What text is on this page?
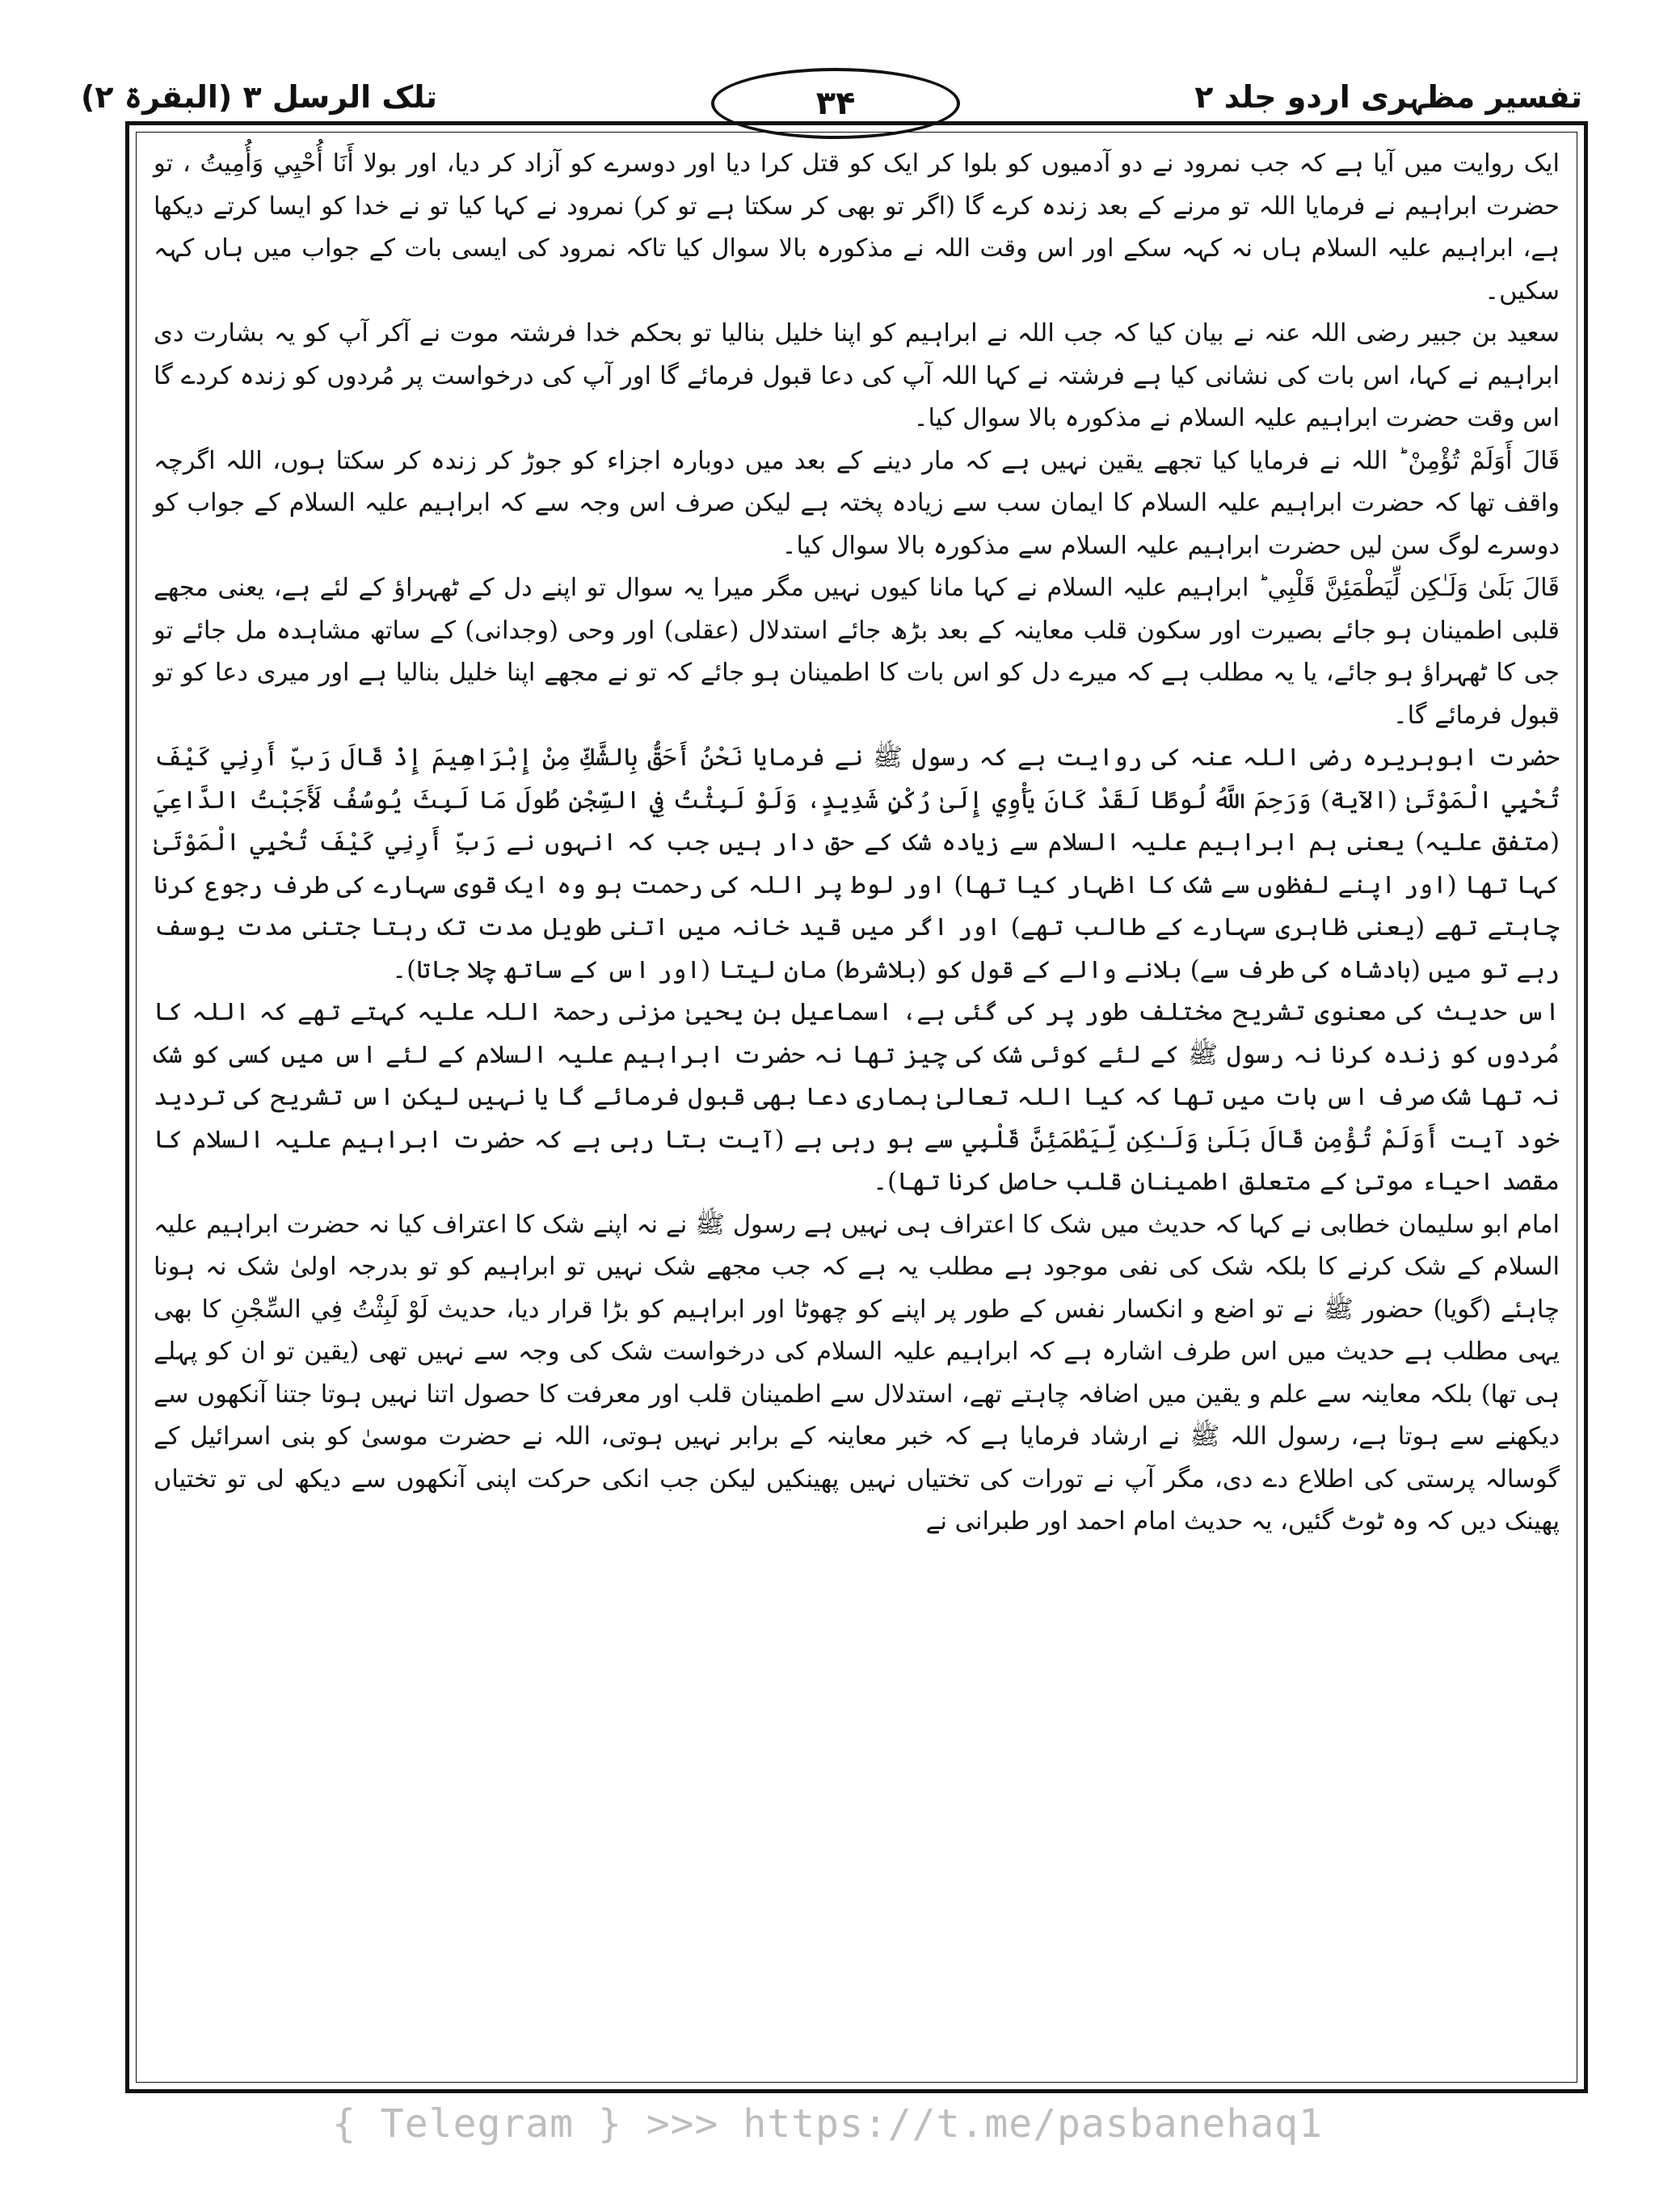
تلک الرسل ۳ (البقرۃ ۲)	۳۴	تفسیر مظہری اردو جلد ۲

ایک روایت میں آیا ہے کہ جب نمرود نے دو آدمیوں کو بلوا کر ایک کو قتل کرا دیا اور دوسرے کو آزاد کر دیا، اور بولا أَنَا أُحْيِي وَأُمِيتُ ، تو حضرت ابراہیم نے فرمایا اللہ تو مرنے کے بعد زندہ کرے گا (اگر تو بھی کر سکتا ہے تو کر) نمرود نے کہا کیا تو نے خدا کو ایسا کرتے دیکھا ہے، ابراہیم علیہ السلام ہاں نہ کہہ سکے اور اس وقت اللہ نے مذکورہ بالا سوال کیا تاکہ نمرود کی ایسی بات کے جواب میں ہاں کہہ سکیں۔

سعید بن جبیر رضی اللہ عنہ نے بیان کیا کہ جب اللہ نے ابراہیم کو اپنا خلیل بنالیا تو بحکم خدا فرشتہ موت نے آکر آپ کو یہ بشارت دی ابراہیم نے کہا، اس بات کی نشانی کیا ہے فرشتہ نے کہا اللہ آپ کی دعا قبول فرمائے گا اور آپ کی درخواست پر مُردوں کو زندہ کردے گا اس وقت حضرت ابراہیم علیہ السلام نے مذکورہ بالا سوال کیا۔

قَالَ أَوَلَمْ تُؤْمِنْ ؕ اللہ نے فرمایا کیا تجھے یقین نہیں ہے کہ مار دینے کے بعد میں دوبارہ اجزاء کو جوڑ کر زندہ کر سکتا ہوں، اللہ اگرچہ واقف تھا کہ حضرت ابراہیم علیہ السلام کا ایمان سب سے زیادہ پختہ ہے لیکن صرف اس وجہ سے کہ ابراہیم علیہ السلام کے جواب کو دوسرے لوگ سن لیں حضرت ابراہیم علیہ السلام سے مذکورہ بالا سوال کیا۔

قَالَ بَلَىٰ وَلَـٰكِن لِّيَطْمَئِنَّ قَلْبِي ؕ ابراہیم علیہ السلام نے کہا مانا کیوں نہیں مگر میرا یہ سوال تو اپنے دل کے ٹھہراؤ کے لئے ہے، یعنی مجھے قلبی اطمینان ہو جائے بصیرت اور سکون قلب معاینہ کے بعد بڑھ جائے استدلال (عقلی) اور وحی (وجدانی) کے ساتھ مشاہدہ مل جائے تو جی کا ٹھہراؤ ہو جائے، یا یہ مطلب ہے کہ میرے دل کو اس بات کا اطمینان ہو جائے کہ تو نے مجھے اپنا خلیل بنالیا ہے اور میری دعا کو تو قبول فرمائے گا۔

حضرت ابوہریرہ رضی اللہ عنہ کی روایت ہے کہ رسول ﷺ نے فرمایا نَحْنُ أَحَقُّ بِالشَّكِّ مِنْ إِبْرَاهِيمَ إِذْ قَالَ رَبِّ أَرِنِي كَيْفَ تُحْيِي الْمَوْتَىٰ (الآیة) وَرَحِمَ اللَّهُ لُوطًا لَقَدْ كَانَ يَأْوِي إِلَىٰ رُكْنٍ شَدِيدٍ، وَلَوْ لَبِثْتُ فِي السِّجْنِ طُولَ مَا لَبِثَ يُوسُفُ لَأَجَبْتُ الدَّاعِيَ (متفق علیہ) یعنی ہم ابراہیم علیہ السلام سے زیادہ شک کے حق دار ہیں جب کہ انہوں نے رَبِّ أَرِنِي كَيْفَ تُحْيِي الْمَوْتَىٰ کہا تھا (اور اپنے لفظوں سے شک کا اظہار کیا تھا) اور لوط پر اللہ کی رحمت ہو وہ ایک قوی سہارے کی طرف رجوع کرنا چاہتے تھے (یعنی ظاہری سہارے کے طالب تھے) اور اگر میں قید خانہ میں اتنی طویل مدت تک رہتا جتنی مدت یوسف رہے تو میں (بادشاہ کی طرف سے) بلانے والے کے قول کو (بلاشرط) مان لیتا (اور اس کے ساتھ چلا جاتا)۔

اس حدیث کی معنوی تشریح مختلف طور پر کی گئی ہے، اسماعیل بن یحییٰ مزنی رحمۃ اللہ علیہ کہتے تھے کہ اللہ کا مُردوں کو زندہ کرنا نہ رسول ﷺ کے لئے کوئی شک کی چیز تھا نہ حضرت ابراہیم علیہ السلام کے لئے اس میں کسی کو شک نہ تھا شک صرف اس بات میں تھا کہ کیا اللہ تعالیٰ ہماری دعا بھی قبول فرمائے گا یا نہیں لیکن اس تشریح کی تردید خود آیت أَوَلَمْ تُؤْمِن قَالَ بَلَىٰ وَلَـٰكِن لِّيَطْمَئِنَّ قَلْبِي سے ہو رہی ہے (آیت بتا رہی ہے کہ حضرت ابراہیم علیہ السلام کا مقصد احیاء موتیٰ کے متعلق اطمینان قلب حاصل کرنا تھا)۔

امام ابو سلیمان خطابی نے کہا کہ حدیث میں شک کا اعتراف ہی نہیں ہے رسول ﷺ نے نہ اپنے شک کا اعتراف کیا نہ حضرت ابراہیم علیہ السلام کے شک کرنے کا بلکہ شک کی نفی موجود ہے مطلب یہ ہے کہ جب مجھے شک نہیں تو ابراہیم کو تو بدرجہ اولیٰ شک نہ ہونا چاہئے (گویا) حضور ﷺ نے تو اضع و انکسار نفس کے طور پر اپنے کو چھوٹا اور ابراہیم کو بڑا قرار دیا، حدیث لَوْ لَبِثْتُ فِي السِّجْنِ کا بھی یہی مطلب ہے حدیث میں اس طرف اشارہ ہے کہ ابراہیم علیہ السلام کی درخواست شک کی وجہ سے نہیں تھی (یقین تو ان کو پہلے ہی تھا) بلکہ معاینہ سے علم و یقین میں اضافہ چاہتے تھے، استدلال سے اطمینان قلب اور معرفت کا حصول اتنا نہیں ہوتا جتنا آنکھوں سے دیکھنے سے ہوتا ہے، رسول اللہ ﷺ نے ارشاد فرمایا ہے کہ خبر معاینہ کے برابر نہیں ہوتی، اللہ نے حضرت موسیٰ کو بنی اسرائیل کے گوسالہ پرستی کی اطلاع دے دی، مگر آپ نے تورات کی تختیاں نہیں پھینکیں لیکن جب انکی حرکت اپنی آنکھوں سے دیکھ لی تو تختیاں پھینک دیں کہ وہ ٹوٹ گئیں، یہ حدیث امام احمد اور طبرانی نے

{ Telegram } >>> https://t.me/pasbanehaq1
